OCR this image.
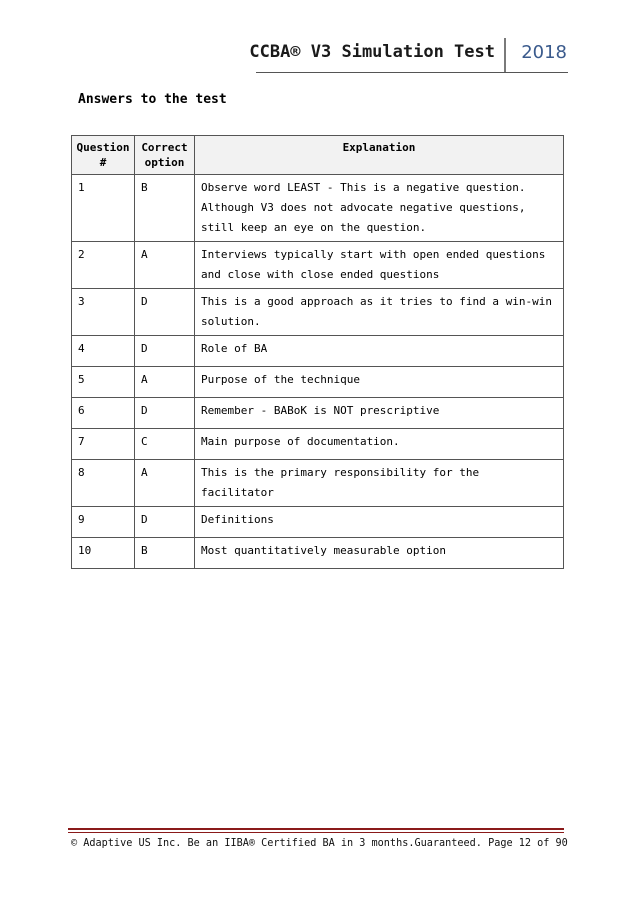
CCBA® V3 Simulation Test 2018
Answers to the test
Question #	Correct option	Explanation
1	B	Observe word LEAST - This is a negative question. Although V3 does not advocate negative questions, still keep an eye on the question.
2	A	Interviews typically start with open ended questions and close with close ended questions
3	D	This is a good approach as it tries to find a win-win solution.
4	D	Role of BA
5	A	Purpose of the technique
6	D	Remember - BABoK is NOT prescriptive
7	C	Main purpose of documentation.
8	A	This is the primary responsibility for the facilitator
9	D	Definitions
10	B	Most quantitatively measurable option
© Adaptive US Inc. Be an IIBA® Certified BA in 3 months.Guaranteed. Page 12 of 90
